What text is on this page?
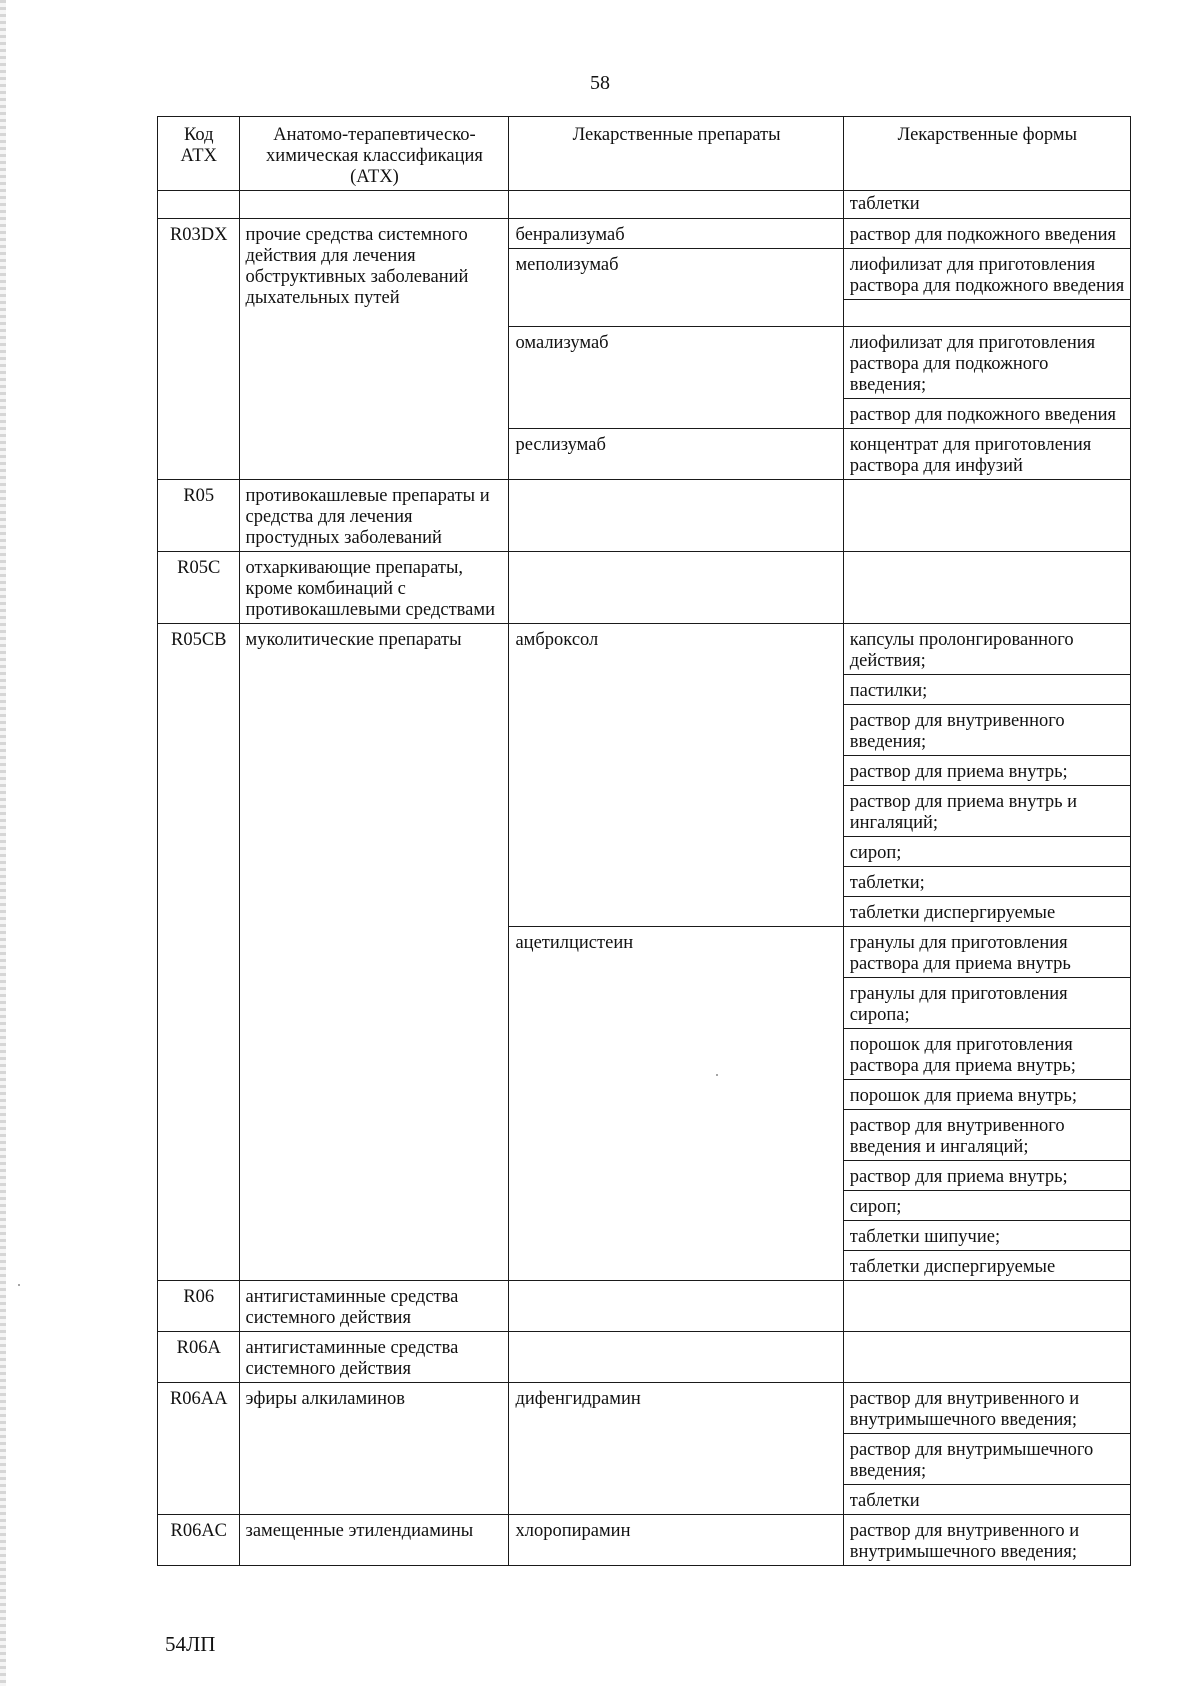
58
Код АТХ	Анатомо-терапевтическо-химическая классификация (АТХ)	Лекарственные препараты	Лекарственные формы
			таблетки
R03DX	прочие средства системного действия для лечения обструктивных заболеваний дыхательных путей	бенрализумаб	раствор для подкожного введения
		меполизумаб	лиофилизат для приготовления раствора для подкожного введения

		омализумаб	лиофилизат для приготовления раствора для подкожного введения;
			раствор для подкожного введения
		реслизумаб	концентрат для приготовления раствора для инфузий
R05	противокашлевые препараты и средства для лечения простудных заболеваний		
R05C	отхаркивающие препараты, кроме комбинаций с противокашлевыми средствами		
R05CB	муколитические препараты	амброксол	капсулы пролонгированного действия;
			пастилки;
			раствор для внутривенного введения;
			раствор для приема внутрь;
			раствор для приема внутрь и ингаляций;
			сироп;
			таблетки;
			таблетки диспергируемые
		ацетилцистеин	гранулы для приготовления раствора для приема внутрь
			гранулы для приготовления сиропа;
			порошок для приготовления раствора для приема внутрь;
			порошок для приема внутрь;
			раствор для внутривенного введения и ингаляций;
			раствор для приема внутрь;
			сироп;
			таблетки шипучие;
			таблетки диспергируемые
R06	антигистаминные средства системного действия		
R06A	антигистаминные средства системного действия		
R06AA	эфиры алкиламинов	дифенгидрамин	раствор для внутривенного и внутримышечного введения;
			раствор для внутримышечного введения;
			таблетки
R06AC	замещенные этилендиамины	хлоропирамин	раствор для внутривенного и внутримышечного введения;
54ЛП
